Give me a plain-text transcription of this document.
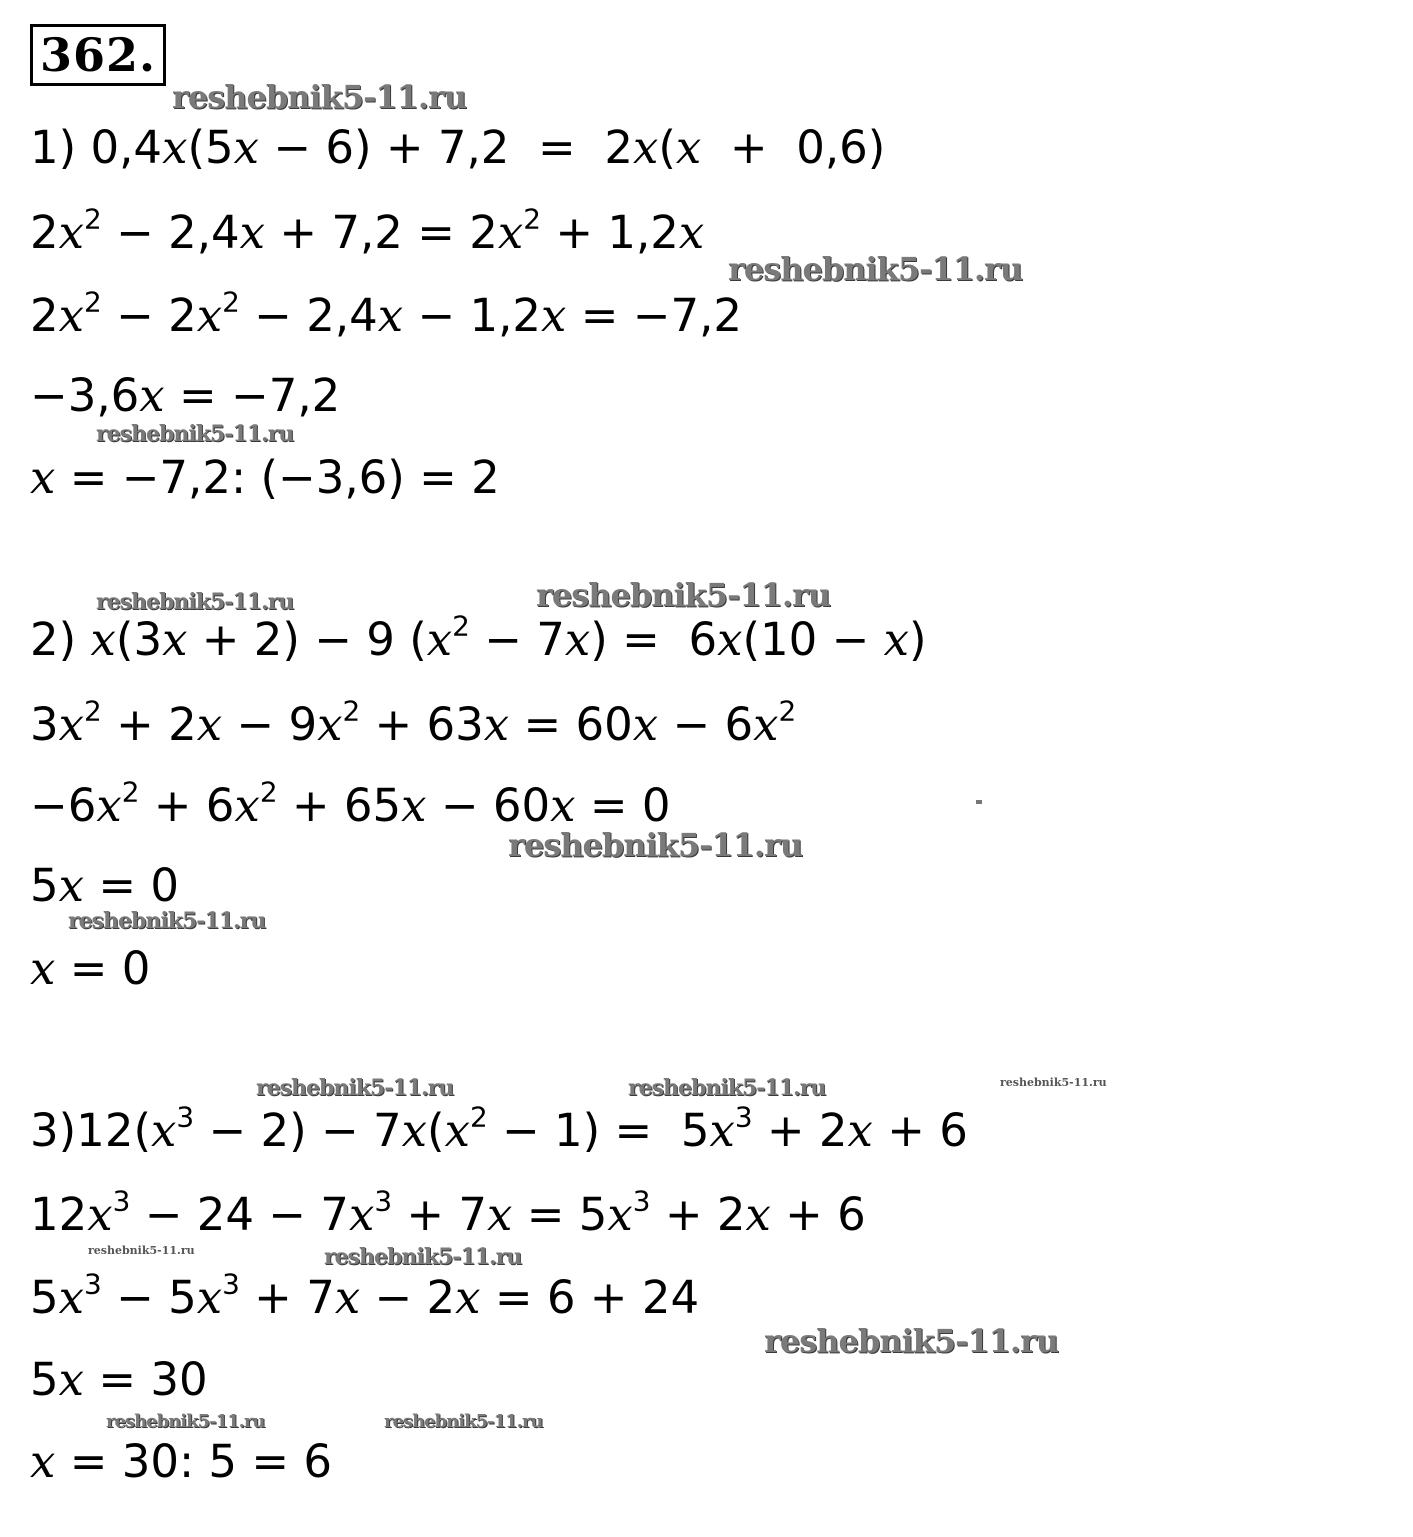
362.
1) 0,4x(5x − 6) + 7,2  =  2x(x  +  0,6)
$2x^2 - 2,4x + 7,2 = 2x^2 + 1,2x$
$2x^2 - 2x^2 - 2,4x - 1,2x = -7,2$
−3,6x = −7,2
x = −7,2: (−3,6) = 2
2) x(3x + 2) − 9 $(x^2 - 7x) = 6x(10 - x)$
$3x^2 + 2x - 9x^2 + 63x = 60x - 6x^2$
$-6x^2 + 6x^2 + 65x - 60x = 0$
5x = 0
x = 0
$3)12(x^3 - 2) - 7x(x^2 - 1) = 5x^3 + 2x + 6$
$12x^3 - 24 - 7x^3 + 7x = 5x^3 + 2x + 6$
$5x^3 - 5x^3 + 7x - 2x = 6 + 24$
5x = 30
x = 30: 5 = 6
reshebnik5-11.ru
reshebnik5-11.ru
reshebnik5-11.ru
reshebnik5-11.ru	reshebnik5-11.ru
reshebnik5-11.ru
reshebnik5-11.ru
reshebnik5-11.ru	reshebnik5-11.ru	reshebnik5-11.ru
reshebnik5-11.ru	reshebnik5-11.ru
reshebnik5-11.ru
reshebnik5-11.ru	reshebnik5-11.ru
